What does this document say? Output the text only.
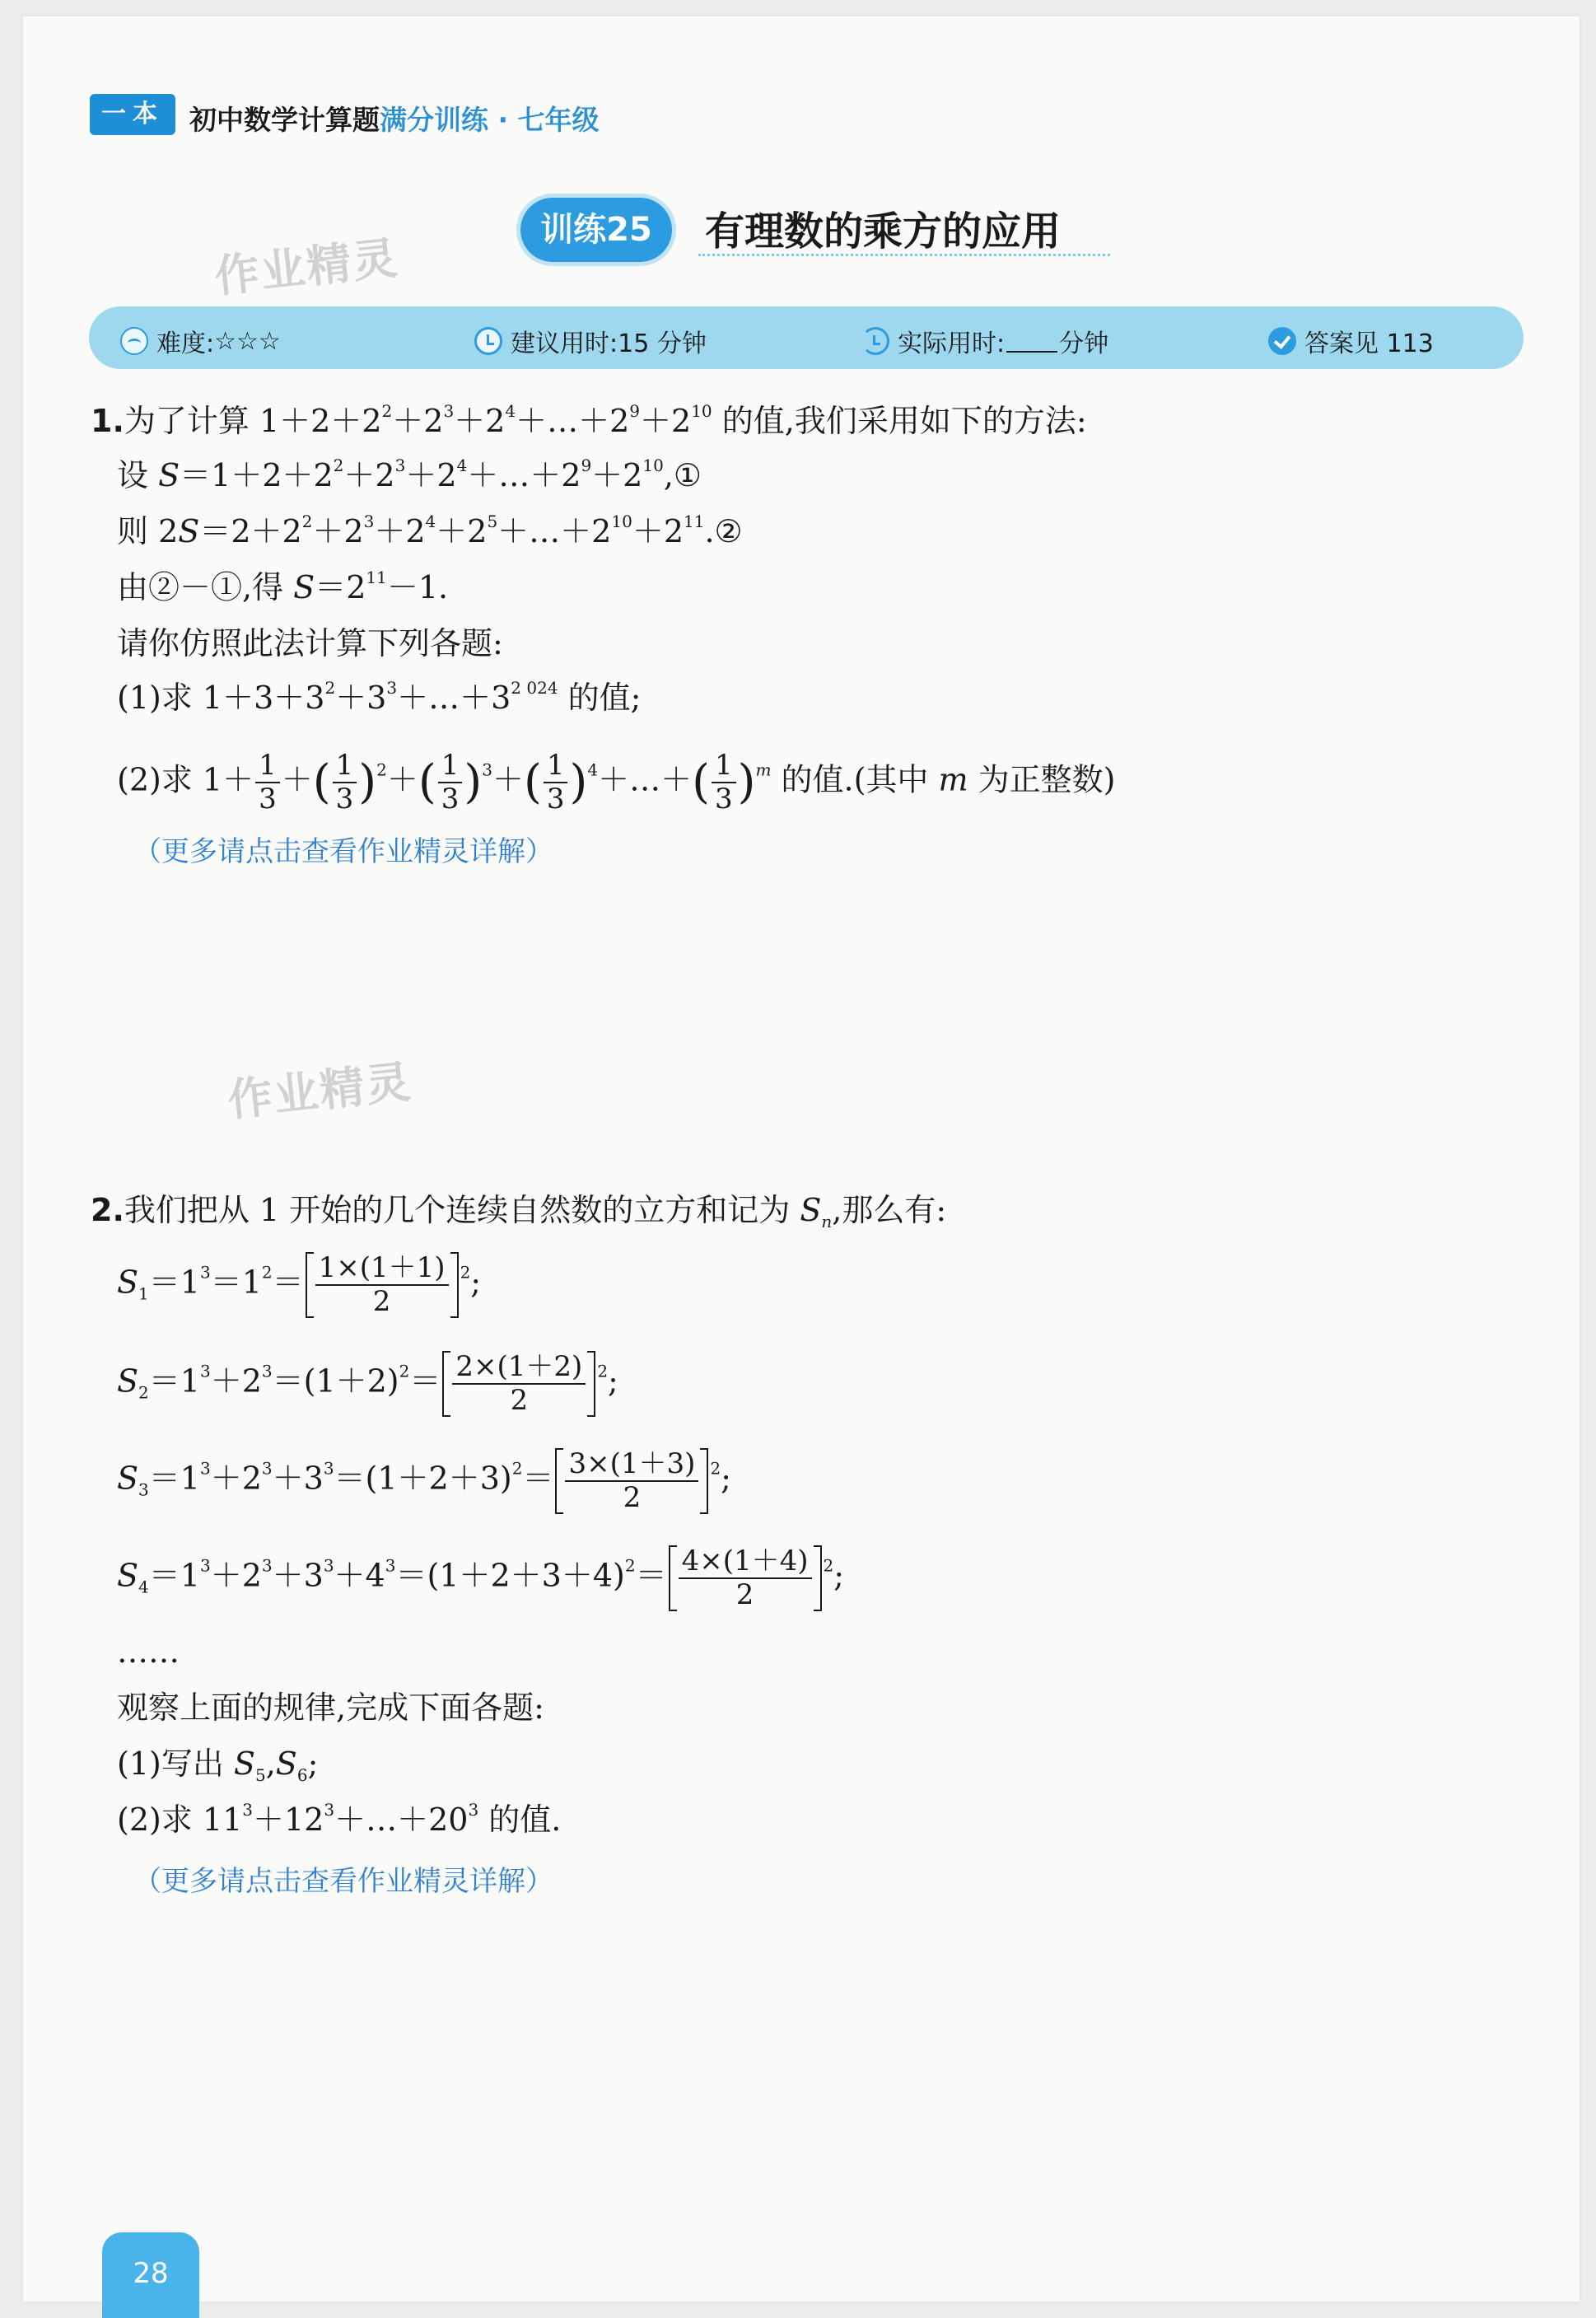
一本 初中数学计算题满分训练 · 七年级
作业精灵
作业精灵
训练25	有理数的乘方的应用
难度: ☆☆☆	建议用时:15 分钟	实际用时: 分钟	答案见 113
1.为了计算 $1+2+2^2+2^3+2^4+\dots+2^9+2^{10}$ 的值,我们采用如下的方法:
设 $S=1+2+2^2+2^3+2^4+\dots+2^9+2^{10},①$
则 $2S=2+2^2+2^3+2^4+2^5+\dots+2^{10}+2^{11}.②$
由②－①,得 $S=2^{11}-1$.
请你仿照此法计算下列各题:
(1)求 $1+3+3^2+3^3+\dots+3^{2 024}$ 的值;
(2)求 $1+ \frac{1}{3}$ ＋( $\frac{1}{3} )^2+( \frac{1}{3} )^3+( \frac{1}{3}$ )$^4+\dots+( \frac{1}{3} )^m$ 的值.(其中 m 为正整数)
（更多请点击查看作业精灵详解）
2.我们把从 1 开始的几个连续自然数的立方和记为 $S_n$,那么有:
$S_1=1^3=1^2= \frac{1\times(1+1)}{2} ^2$;
$S_2=1^3+2^3=(1+2)^2= \frac{2\times(1+2)}{2} ^2$;
$S_3=1^3+2^3+3^3=(1+2+3)^2= \frac{3\times(1+3)}{2} ^2$;
$S_4=1^3+2^3+3^3+4^3=(1+2+3+4)^2= \frac{4\times(1+4)}{2} ^2$;
……
观察上面的规律,完成下面各题:
(1)写出 $S_5,S_6$;
(2)求 $11^3+12^3+\dots+20^3$ 的值.
（更多请点击查看作业精灵详解）
28
